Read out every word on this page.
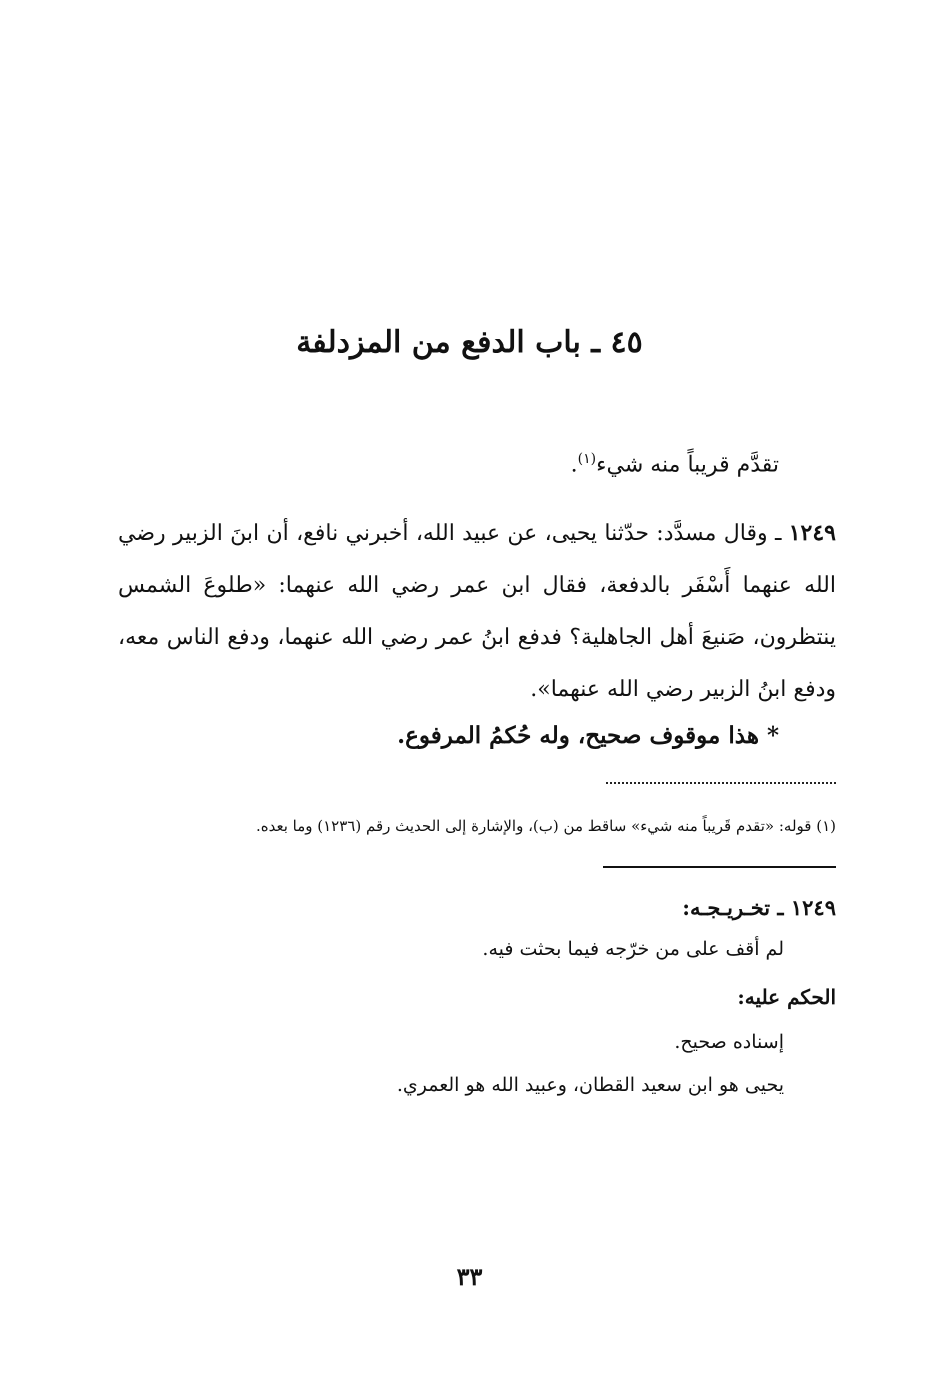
٤٥ ـ باب الدفع من المزدلفة

تقدَّم قريباً منه شيء$^{(١)}$.

١٢٤٩ ـ وقال مسدَّد: حدّثنا يحيى، عن عبيد الله، أخبرني نافع، أن ابنَ الزبير رضي الله عنهما أَسْفَر بالدفعة، فقال ابن عمر رضي الله عنهما: «طلوعَ الشمس ينتظرون، صَنيعَ أهل الجاهلية؟ فدفع ابنُ عمر رضي الله عنهما، ودفع الناس معه، ودفع ابنُ الزبير رضي الله عنهما».

* هذا موقوف صحيح، وله حُكمُ المرفوع.

(١) قوله: «تقدم قَريباً منه شيء» ساقط من (ب)، والإشارة إلى الحديث رقم (١٢٣٦) وما بعده.

١٢٤٩ ـ تخـريـجـه:

لم أقف على من خرّجه فيما بحثت فيه.

الحكم عليه:

إسناده صحيح.

يحيى هو ابن سعيد القطان، وعبيد الله هو العمري.

٣٣
